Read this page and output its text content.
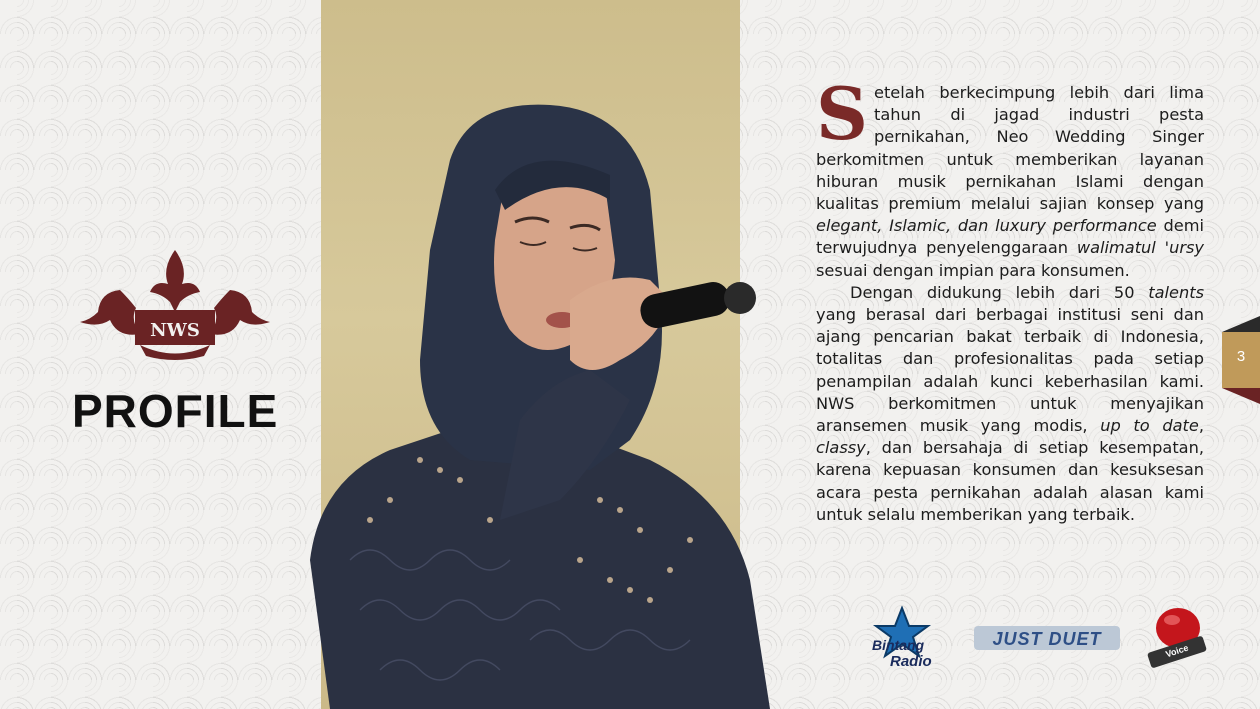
NWS
PROFILE

Setelah berkecimpung lebih dari lima tahun di jagad industri pesta pernikahan, Neo Wedding Singer berkomitmen untuk memberikan layanan hiburan musik pernikahan Islami dengan kualitas premium melalui sajian konsep yang elegant, Islamic, dan luxury performance demi terwujudnya penyelenggaraan walimatul 'ursy sesuai dengan impian para konsumen.

Dengan didukung lebih dari 50 talents yang berasal dari berbagai institusi seni dan ajang pencarian bakat terbaik di Indonesia, totalitas dan profesionalitas pada setiap penampilan adalah kunci keberhasilan kami. NWS berkomitmen untuk menyajikan aransemen musik yang modis, up to date, classy, dan bersahaja di setiap kesempatan, karena kepuasan konsumen dan kesuksesan acara pesta pernikahan adalah alasan kami untuk selalu memberikan yang terbaik.

3
Bintang
Radio
JUST DUET
Voice
